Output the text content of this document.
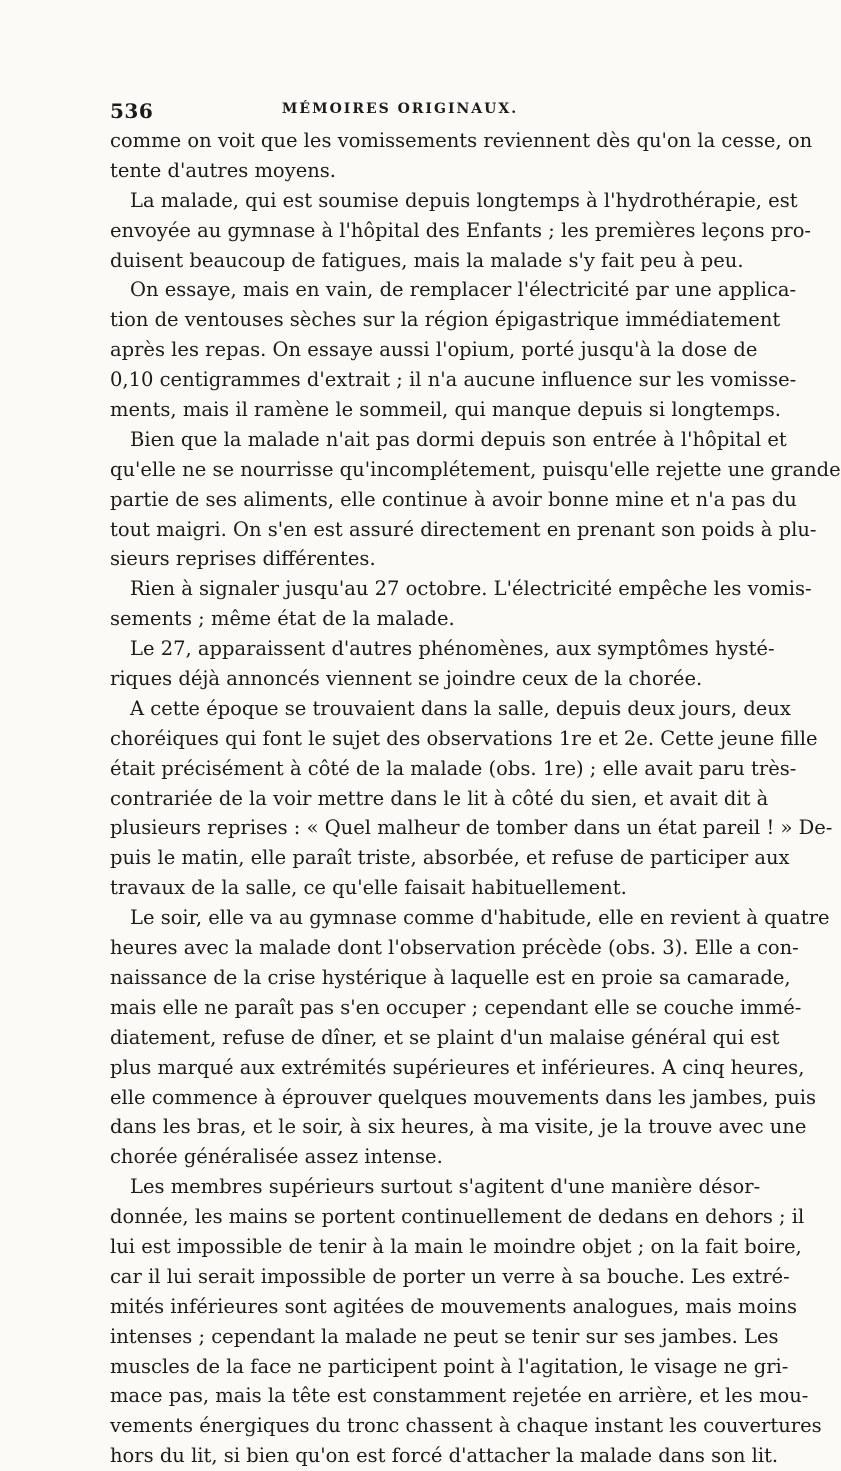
536	MÉMOIRES ORIGINAUX.
comme on voit que les vomissements reviennent dès qu'on la cesse, on
tente d'autres moyens.
La malade, qui est soumise depuis longtemps à l'hydrothérapie, est
envoyée au gymnase à l'hôpital des Enfants ; les premières leçons pro-
duisent beaucoup de fatigues, mais la malade s'y fait peu à peu.
On essaye, mais en vain, de remplacer l'électricité par une applica-
tion de ventouses sèches sur la région épigastrique immédiatement
après les repas. On essaye aussi l'opium, porté jusqu'à la dose de
0,10 centigrammes d'extrait ; il n'a aucune influence sur les vomisse-
ments, mais il ramène le sommeil, qui manque depuis si longtemps.
Bien que la malade n'ait pas dormi depuis son entrée à l'hôpital et
qu'elle ne se nourrisse qu'incomplétement, puisqu'elle rejette une grande
partie de ses aliments, elle continue à avoir bonne mine et n'a pas du
tout maigri. On s'en est assuré directement en prenant son poids à plu-
sieurs reprises différentes.
Rien à signaler jusqu'au 27 octobre. L'électricité empêche les vomis-
sements ; même état de la malade.
Le 27, apparaissent d'autres phénomènes, aux symptômes hysté-
riques déjà annoncés viennent se joindre ceux de la chorée.
A cette époque se trouvaient dans la salle, depuis deux jours, deux
choréiques qui font le sujet des observations 1re et 2e. Cette jeune fille
était précisément à côté de la malade (obs. 1re) ; elle avait paru très-
contrariée de la voir mettre dans le lit à côté du sien, et avait dit à
plusieurs reprises : « Quel malheur de tomber dans un état pareil ! » De-
puis le matin, elle paraît triste, absorbée, et refuse de participer aux
travaux de la salle, ce qu'elle faisait habituellement.
Le soir, elle va au gymnase comme d'habitude, elle en revient à quatre
heures avec la malade dont l'observation précède (obs. 3). Elle a con-
naissance de la crise hystérique à laquelle est en proie sa camarade,
mais elle ne paraît pas s'en occuper ; cependant elle se couche immé-
diatement, refuse de dîner, et se plaint d'un malaise général qui est
plus marqué aux extrémités supérieures et inférieures. A cinq heures,
elle commence à éprouver quelques mouvements dans les jambes, puis
dans les bras, et le soir, à six heures, à ma visite, je la trouve avec une
chorée généralisée assez intense.
Les membres supérieurs surtout s'agitent d'une manière désor-
donnée, les mains se portent continuellement de dedans en dehors ; il
lui est impossible de tenir à la main le moindre objet ; on la fait boire,
car il lui serait impossible de porter un verre à sa bouche. Les extré-
mités inférieures sont agitées de mouvements analogues, mais moins
intenses ; cependant la malade ne peut se tenir sur ses jambes. Les
muscles de la face ne participent point à l'agitation, le visage ne gri-
mace pas, mais la tête est constamment rejetée en arrière, et les mou-
vements énergiques du tronc chassent à chaque instant les couvertures
hors du lit, si bien qu'on est forcé d'attacher la malade dans son lit.
